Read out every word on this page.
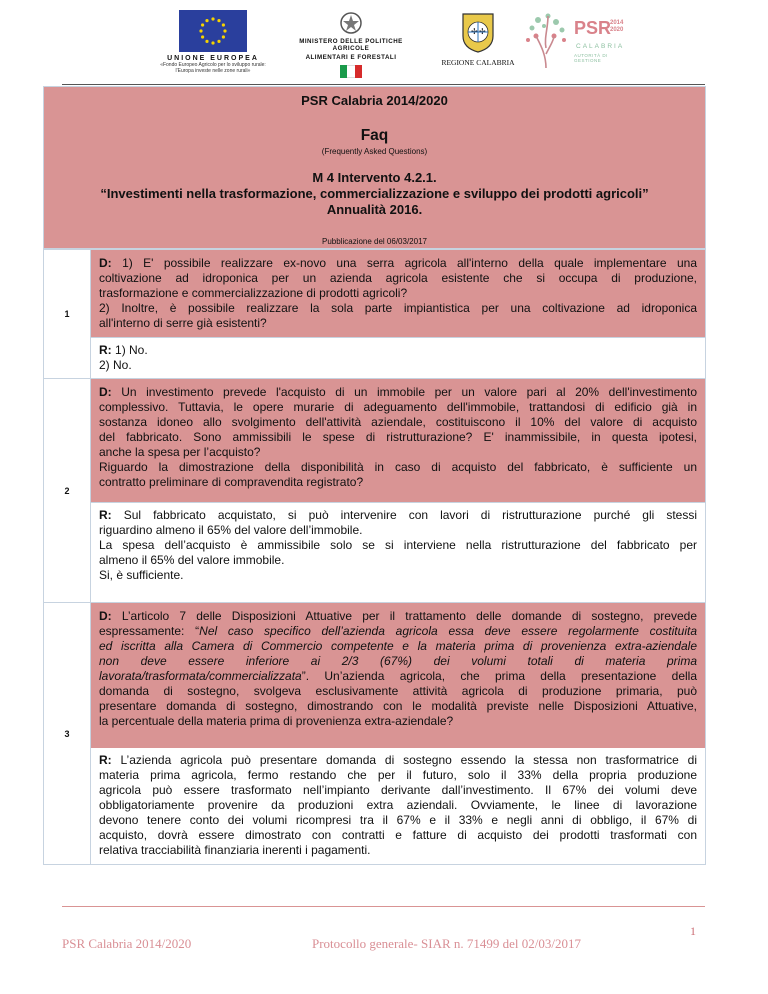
UNIONE EUROPEA
«Fondo Europeo Agricolo per lo sviluppo rurale:
l'Europa investe nelle zone rurali»
MINISTERO DELLE POLITICHE AGRICOLE
ALIMENTARI E FORESTALI
REGIONE CALABRIA
PSR
2014
2020
CALABRIA
AUTORITÀ DI GESTIONE
PSR Calabria 2014/2020
Faq
(Frequently Asked Questions)
M 4 Intervento 4.2.1.
“Investimenti nella trasformazione, commercializzazione e sviluppo dei prodotti agricoli”
Annualità 2016.
Pubblicazione del 06/03/2017
1
D: 1) E' possibile realizzare ex-novo una serra agricola all'interno della quale implementare una
coltivazione ad idroponica per un azienda agricola esistente che si occupa di produzione,
trasformazione e commercializzazione di prodotti agricoli?
2) Inoltre, è possibile realizzare la sola parte impiantistica per una coltivazione ad idroponica
all'interno di serre già esistenti?
R: 1) No.
2) No.
2
D: Un investimento prevede l'acquisto di un immobile per un valore pari al 20% dell'investimento
complessivo. Tuttavia, le opere murarie di adeguamento dell'immobile, trattandosi di edificio già in
sostanza idoneo allo svolgimento dell'attività aziendale, costituiscono il 10% del valore di acquisto
del fabbricato. Sono ammissibili le spese di ristrutturazione? E' inammissibile, in questa ipotesi,
anche la spesa per l’acquisto?
Riguardo la dimostrazione della disponibilità in caso di acquisto del fabbricato, è sufficiente un
contratto preliminare di compravendita registrato?
R: Sul fabbricato acquistato, si può intervenire con lavori di ristrutturazione purché gli stessi
riguardino almeno il 65% del valore dell’immobile.
La spesa dell’acquisto è ammissibile solo se si interviene nella ristrutturazione del fabbricato per
almeno il 65% del valore immobile.
Si, è sufficiente.
3
D: L’articolo 7 delle Disposizioni Attuative per il trattamento delle domande di sostegno, prevede
espressamente: “Nel caso specifico dell’azienda agricola essa deve essere regolarmente costituita
ed iscritta alla Camera di Commercio competente e la materia prima di provenienza extra-aziendale
non deve essere inferiore ai 2/3 (67%) dei volumi totali di materia prima
lavorata/trasformata/commercializzata”. Un’azienda agricola, che prima della presentazione della
domanda di sostegno, svolgeva esclusivamente attività agricola di produzione primaria, può
presentare domanda di sostegno, dimostrando con le modalità previste nelle Disposizioni Attuative,
la percentuale della materia prima di provenienza extra-aziendale?
R: L’azienda agricola può presentare domanda di sostegno essendo la stessa non trasformatrice di
materia prima agricola, fermo restando che per il futuro, solo il 33% della propria produzione
agricola può essere trasformato nell’impianto derivante dall’investimento. Il 67% dei volumi deve
obbligatoriamente provenire da produzioni extra aziendali. Ovviamente, le linee di lavorazione
devono tenere conto dei volumi ricompresi tra il 67% e il 33% e negli anni di obbligo, il 67% di
acquisto, dovrà essere dimostrato con contratti e fatture di acquisto dei prodotti trasformati con
relativa tracciabilità finanziaria inerenti i pagamenti.
1
PSR Calabria 2014/2020	Protocollo generale- SIAR n. 71499 del 02/03/2017
